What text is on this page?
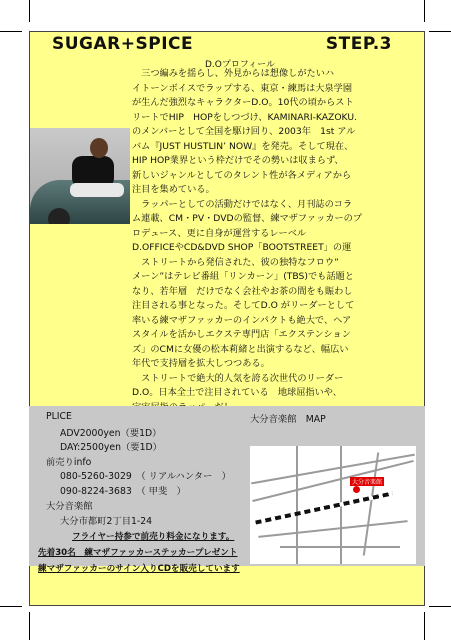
SUGAR+SPICE	STEP.3
D.Oプロフィール
　三つ編みを揺らし、外見からは想像しがたいハ
イトーンボイスでラップする、東京・練馬は大泉学園
が生んだ強烈なキャラクターD.O。10代の頃からスト
リートでHIP　HOPをしつづけ、KAMINARI-KAZOKU.
のメンバーとして全国を駆け回り、2003年　1st アル
バム『JUST HUSTLIN’ NOW』を発売。そして現在、
HIP HOP業界という枠だけでその勢いは収まらず、
新しいジャンルとしてのタレント性が各メディアから
注目を集めている。
　ラッパーとしての活動だけではなく、月刊誌のコラ
ム連載、CM・PV・DVDの監督、練マザファッカーのプ
ロデュース、更に自身が運営するレーベル
D.OFFICEやCD&DVD SHOP「BOOTSTREET」の運
　ストリートから発信された、彼の独特なフロウ”
メーン”はテレビ番組「リンカーン」(TBS)でも話題と
なり、若年層　だけでなく会社やお茶の間をも賑わし
注目される事となった。そしてD.O がリーダーとして
率いる練マザファッカーのインパクトも絶大で、ヘア
スタイルを活かしエクステ専門店「エクステンション
ズ」のCMに女優の松本莉緒と出演するなど、幅広い
年代で支持層を拡大しつつある。
　ストリートで絶大的人気を誇る次世代のリーダー
D.O。日本全土で注目されている　地球屈指いや、
PLICE
ADV2000yen（要1D）
DAY:2500yen（要1D）
前売りinfo
080-5260-3029　（ リアルハンター　）
090-8224-3683　（ 甲斐　）
大分音楽館
大分市都町2丁目1-24
フライヤー持参で前売り料金になります。
先着30名　練マザファッカーステッカープレゼント
練マザファッカーのサイン入りCDを販売しています
大分音楽館　MAP
大分音楽館
